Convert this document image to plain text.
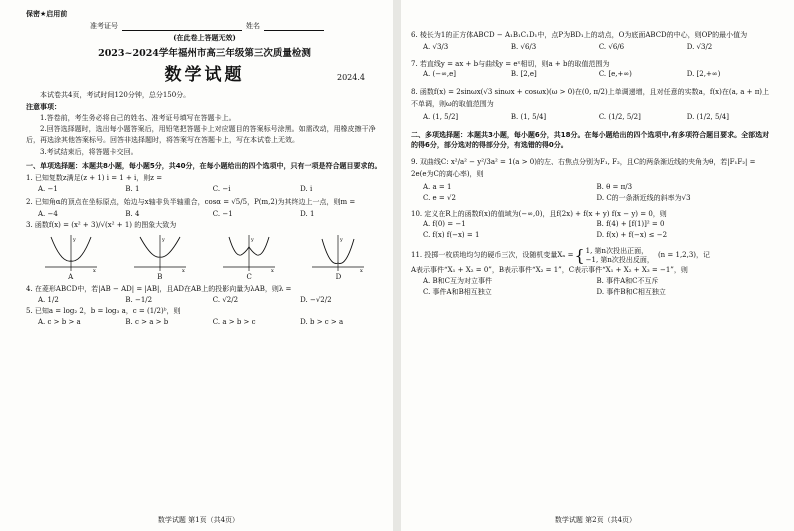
保密★启用前
准考证号	姓名
(在此卷上答题无效)
2023~2024学年福州市高三年级第三次质量检测
数学试题	2024.4
本试卷共4页，考试时间120分钟，总分150分。
注意事项：
1.答卷前，考生务必将自己的姓名、准考证号填写在答题卡上。
2.回答选择题时，选出每小题答案后，用铅笔把答题卡上对应题目的答案标号涂黑。如需改动，用橡皮擦干净后，再选涂其他答案标号。回答非选择题时，将答案写在答题卡上，写在本试卷上无效。
3.考试结束后，将答题卡交回。
一、单项选择题：本题共8小题，每小题5分，共40分，在每小题给出的四个选项中，只有一项是符合题目要求的。
1. 已知复数z满足(z + 1) i = 1 + i，则z =
A. −1	B. 1	C. −i	D. i
2. 已知角α的顶点在坐标原点，始边与x轴非负半轴重合，cosα = √5/5，P(m,2)为其终边上一点，则m =
A. −4	B. 4	C. −1	D. 1
3. 函数f(x) = (x² + 3)/√(x² + 1) 的图象大致为
y
x
A
y
x
B
y
x
C
y
x
D
4. 在菱形ABCD中，若|AB − AD| = |AB|，且AD在AB上的投影向量为λAB，则λ =
A. 1/2	B. −1/2	C. √2/2	D. −√2/2
5. 已知a = log₂ 2，b = log₃ a，c = (1/2)ᵇ，则
A. c > b > a	B. c > a > b	C. a > b > c	D. b > c > a
数学试题 第1页（共4页）
6. 棱长为1的正方体ABCD − A₁B₁C₁D₁中，点P为BD₁上的动点，O为底面ABCD的中心，则OP的最小值为
A. √3/3	B. √6/3	C. √6/6	D. √3/2
7. 若直线y = ax + b与曲线y = eˣ相切，则a + b的取值范围为
A. (−∞,e]	B. [2,e]	C. [e,+∞)	D. [2,+∞)
8. 函数f(x) = 2sinωx(√3 sinωx + cosωx)(ω > 0)在(0, π/2)上单调递增，且对任意的实数a，f(x)在(a, a + π)上不单调，则ω的取值范围为
A. (1, 5/2]	B. (1, 5/4]	C. (1/2, 5/2]	D. (1/2, 5/4]
二、多项选择题：本题共3小题，每小题6分，共18分。在每小题给出的四个选项中,有多项符合题目要求。全部选对的得6分，部分选对的得部分分，有选错的得0分。
9. 双曲线C: x²/a² − y²/3a² = 1(a > 0)的左、右焦点分别为F₁, F₂，且C的两条渐近线的夹角为θ，若|F₁F₂| = 2e(e为C的离心率)，则
A. a = 1	B. θ = π/3
C. e = √2	D. C的一条渐近线的斜率为√3
10. 定义在R上的函数f(x)的值域为(−∞,0)，且f(2x) + f(x + y) f(x − y) = 0，则
A. f(0) = −1	B. f(4) + [f(1)]² = 0
C. f(x) f(−x) = 1	D. f(x) + f(−x) ≤ −2
11. 投掷一枚质地均匀的硬币三次，设随机变量Xₙ = { 1, 第n次投出正面，
−1, 第n次投出反面，
(n = 1,2,3)，记
A表示事件“X₁ + X₂ = 0”，B表示事件“X₂ = 1”，C表示事件“X₁ + X₂ + X₃ = −1”，则
A. B和C互为对立事件	B. 事件A和C不互斥
C. 事件A和B相互独立	D. 事件B和C相互独立
数学试题 第2页（共4页）
